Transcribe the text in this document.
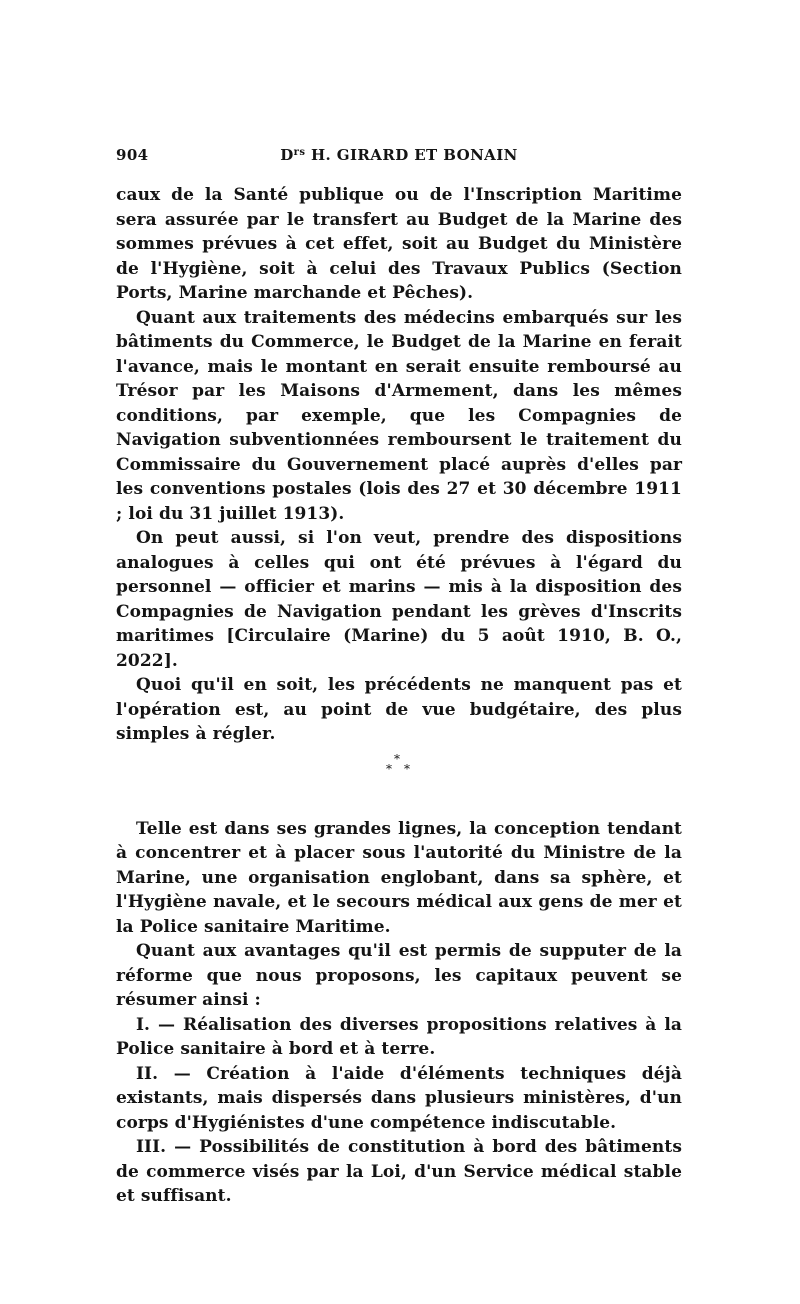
904	$D^{rs}$ H. GIRARD ET BONAIN

caux de la Santé publique ou de l'Inscription Maritime sera assurée par le transfert au Budget de la Marine des sommes prévues à cet effet, soit au Budget du Ministère de l'Hygiène, soit à celui des Travaux Publics (Section Ports, Marine marchande et Pêches).

Quant aux traitements des médecins embarqués sur les bâtiments du Commerce, le Budget de la Marine en ferait l'avance, mais le montant en serait ensuite remboursé au Trésor par les Maisons d'Armement, dans les mêmes conditions, par exemple, que les Compagnies de Navigation subventionnées remboursent le traitement du Commissaire du Gouvernement placé auprès d'elles par les conventions postales (lois des 27 et 30 décembre 1911 ; loi du 31 juillet 1913).

On peut aussi, si l'on veut, prendre des dispositions analogues à celles qui ont été prévues à l'égard du personnel — officier et marins — mis à la disposition des Compagnies de Navigation pendant les grèves d'Inscrits maritimes [Circulaire (Marine) du 5 août 1910, B. O., 2022].

Quoi qu'il en soit, les précédents ne manquent pas et l'opération est, au point de vue budgétaire, des plus simples à régler.

*
* *

Telle est dans ses grandes lignes, la conception tendant à concentrer et à placer sous l'autorité du Ministre de la Marine, une organisation englobant, dans sa sphère, et l'Hygiène navale, et le secours médical aux gens de mer et la Police sanitaire Maritime.

Quant aux avantages qu'il est permis de supputer de la réforme que nous proposons, les capitaux peuvent se résumer ainsi :

I. — Réalisation des diverses propositions relatives à la Police sanitaire à bord et à terre.

II. — Création à l'aide d'éléments techniques déjà existants, mais dispersés dans plusieurs ministères, d'un corps d'Hygiénistes d'une compétence indiscutable.

III. — Possibilités de constitution à bord des bâtiments de commerce visés par la Loi, d'un Service médical stable et suffisant.
